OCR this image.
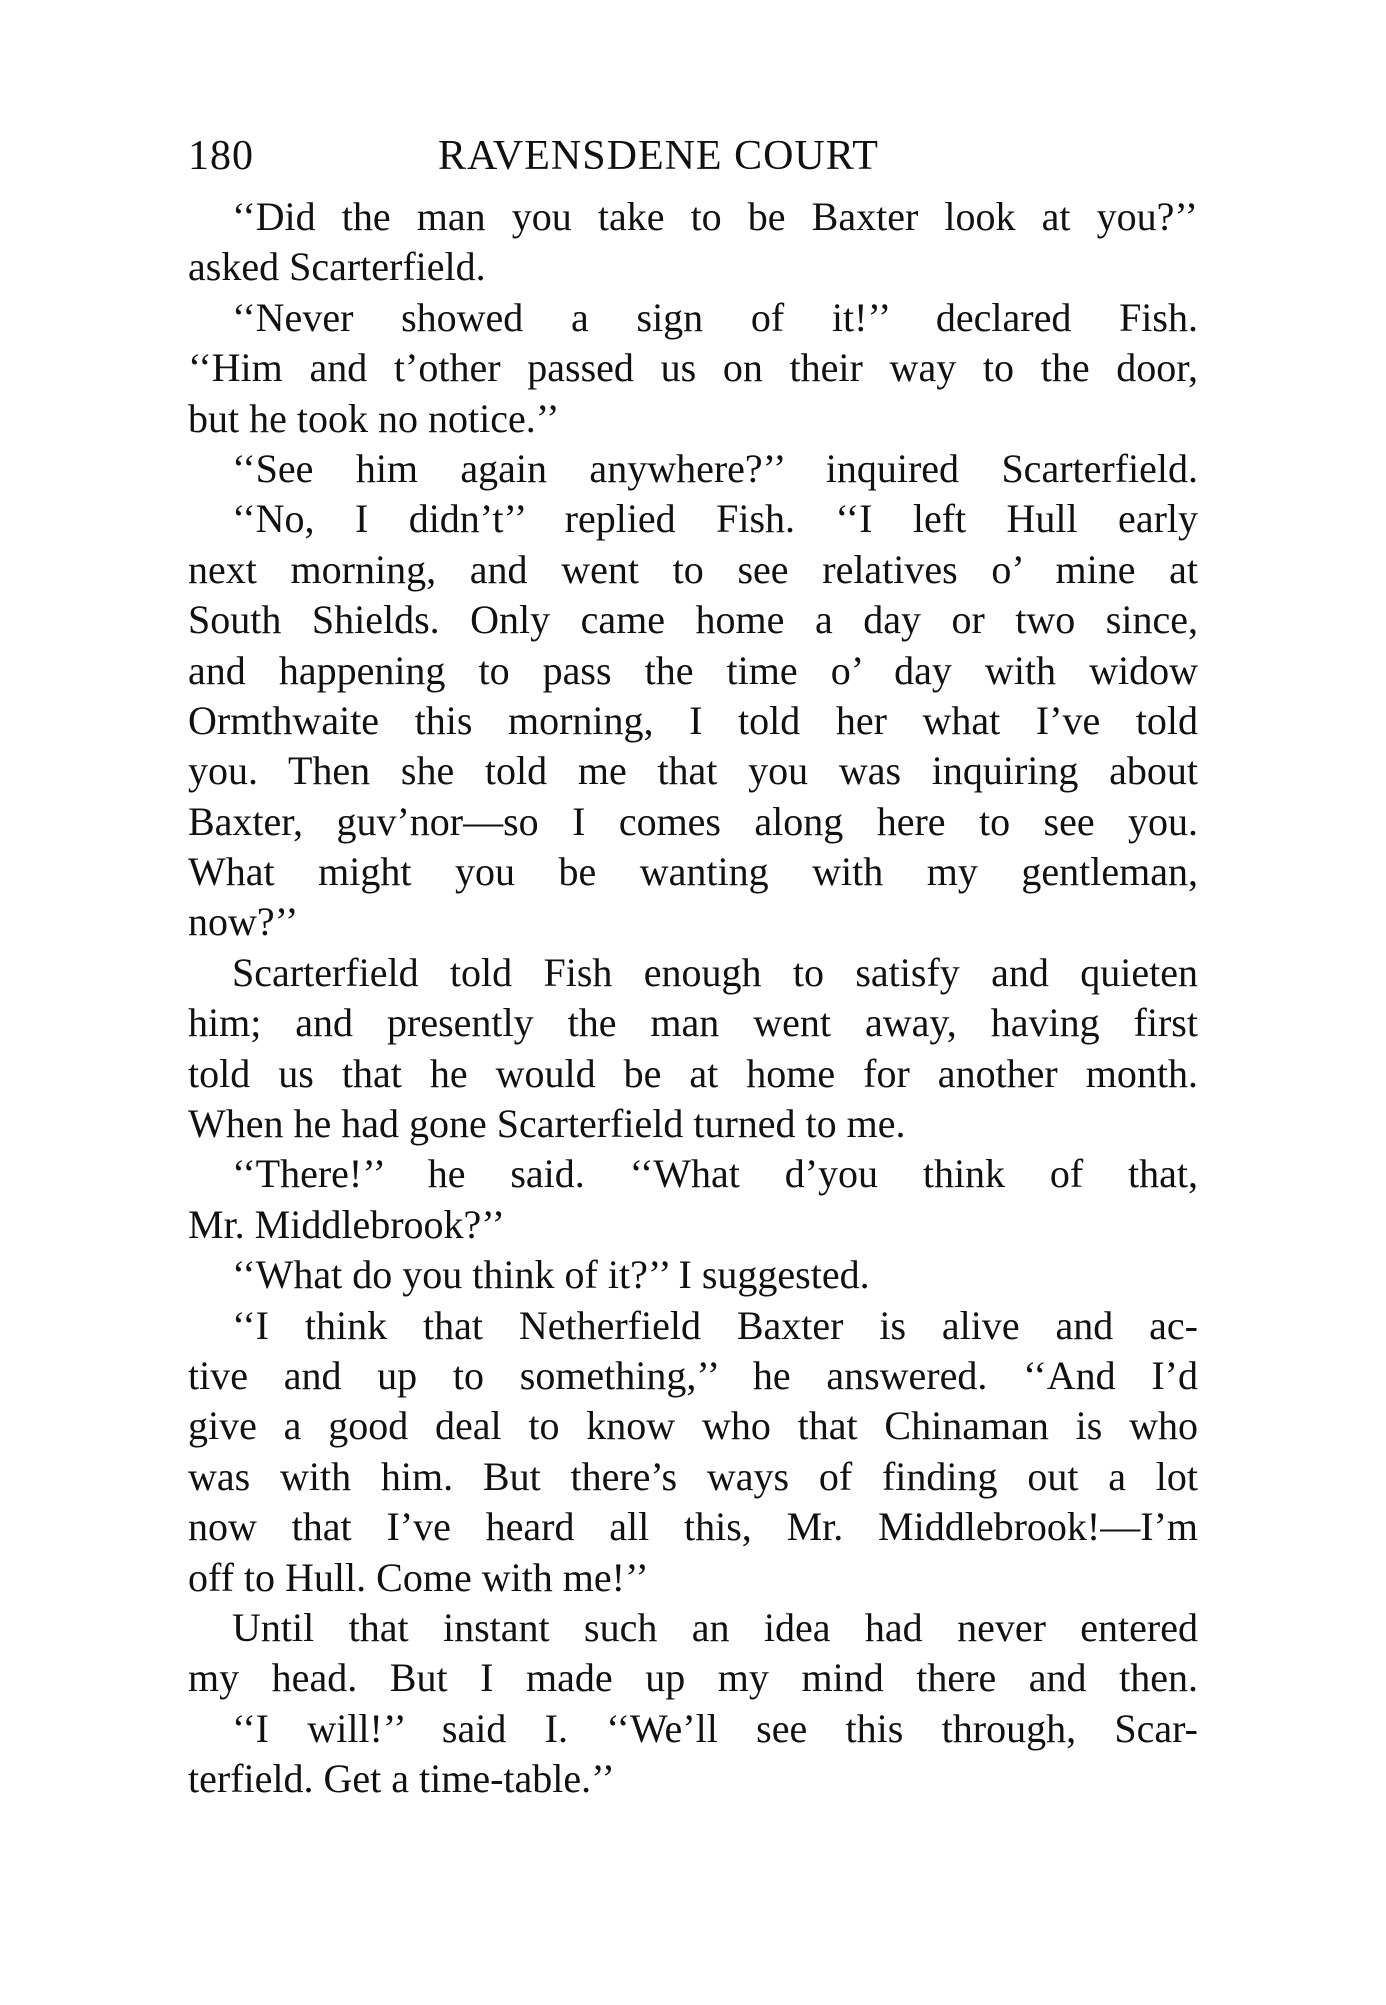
180	RAVENSDENE COURT
‘‘Did the man you take to be Baxter look at you?’’
asked Scarterfield.
‘‘Never showed a sign of it!’’ declared Fish.
‘‘Him and t’other passed us on their way to the door,
but he took no notice.’’
‘‘See him again anywhere?’’ inquired Scarterfield.
‘‘No, I didn’t’’ replied Fish. ‘‘I left Hull early
next morning, and went to see relatives o’ mine at
South Shields. Only came home a day or two since,
and happening to pass the time o’ day with widow
Ormthwaite this morning, I told her what I’ve told
you. Then she told me that you was inquiring about
Baxter, guv’nor—so I comes along here to see you.
What might you be wanting with my gentleman,
now?’’
Scarterfield told Fish enough to satisfy and quieten
him; and presently the man went away, having first
told us that he would be at home for another month.
When he had gone Scarterfield turned to me.
‘‘There!’’ he said. ‘‘What d’you think of that,
Mr. Middlebrook?’’
‘‘What do you think of it?’’ I suggested.
‘‘I think that Netherfield Baxter is alive and ac-
tive and up to something,’’ he answered. ‘‘And I’d
give a good deal to know who that Chinaman is who
was with him. But there’s ways of finding out a lot
now that I’ve heard all this, Mr. Middlebrook!—I’m
off to Hull. Come with me!’’
Until that instant such an idea had never entered
my head. But I made up my mind there and then.
‘‘I will!’’ said I. ‘‘We’ll see this through, Scar-
terfield. Get a time-table.’’
